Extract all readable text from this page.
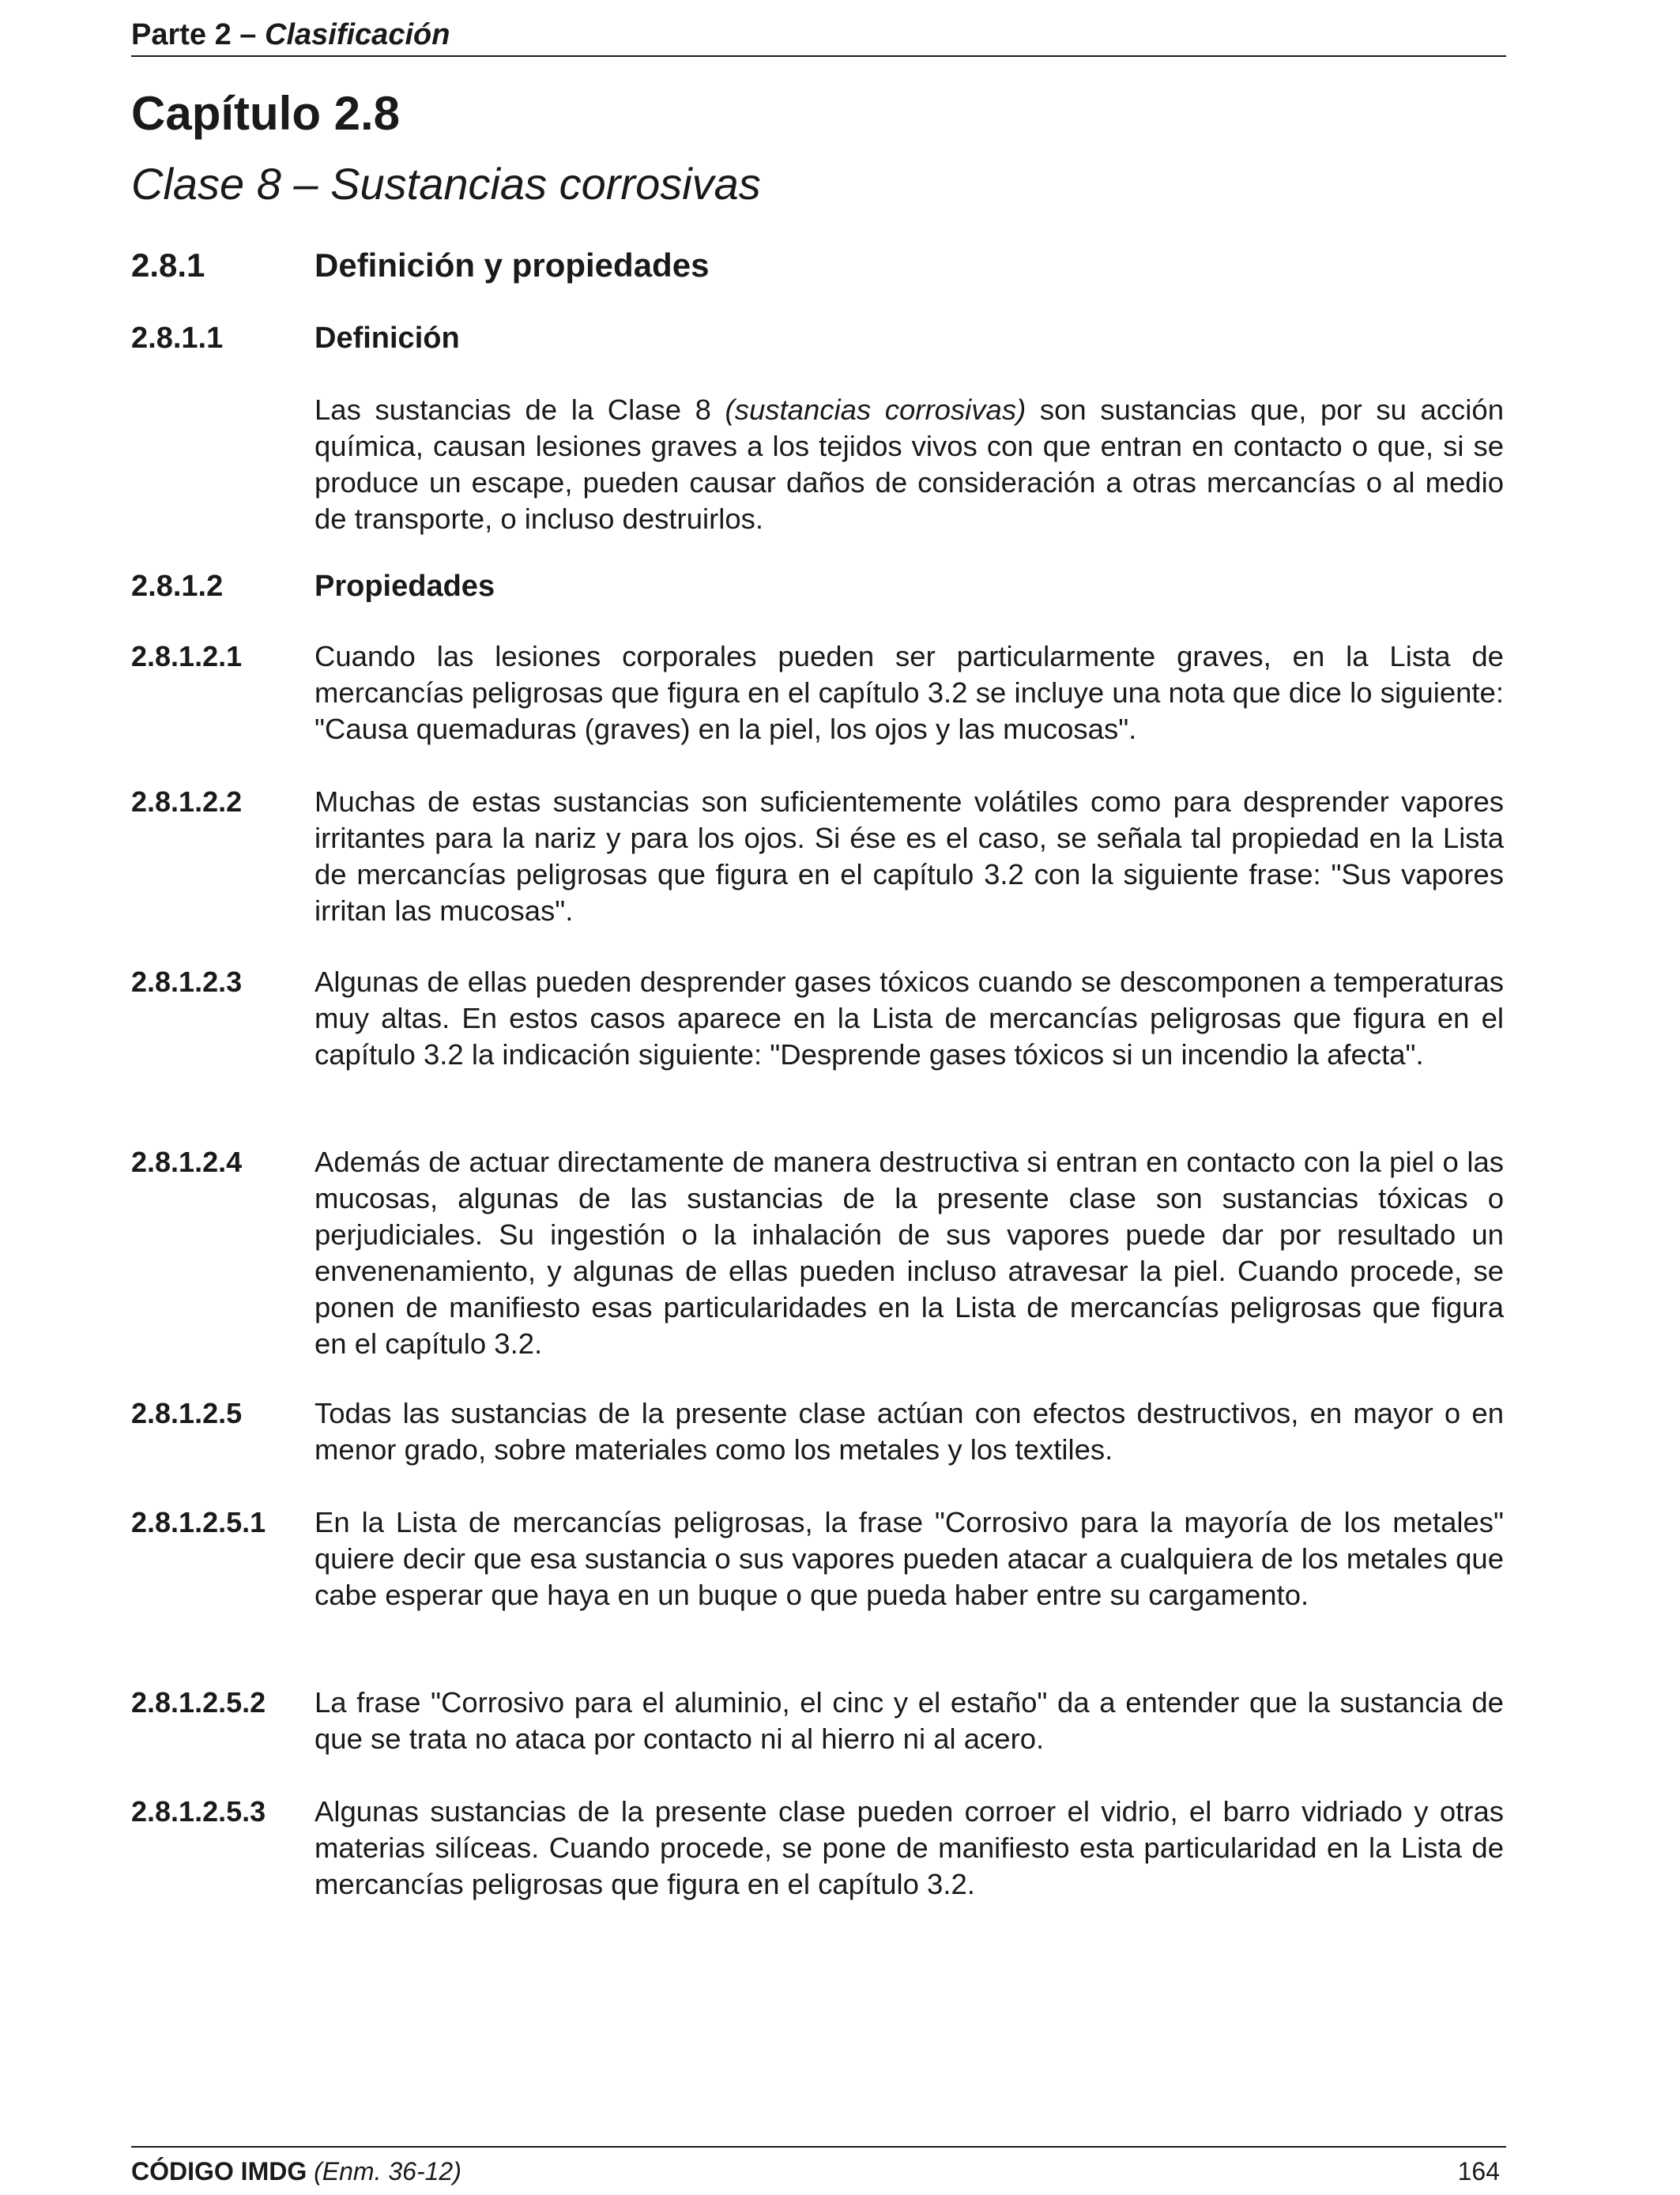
Parte 2 – Clasificación
Capítulo 2.8
Clase 8 – Sustancias corrosivas
2.8.1	Definición y propiedades
2.8.1.1	Definición
Las sustancias de la Clase 8 (sustancias corrosivas) son sustancias que, por su acción química, causan lesiones graves a los tejidos vivos con que entran en contacto o que, si se produce un escape, pueden causar daños de consideración a otras mercancías o al medio de transporte, o incluso destruirlos.
2.8.1.2	Propiedades
2.8.1.2.1	Cuando las lesiones corporales pueden ser particularmente graves, en la Lista de mercancías peligrosas que figura en el capítulo 3.2 se incluye una nota que dice lo siguiente: "Causa quemaduras (graves) en la piel, los ojos y las mucosas".
2.8.1.2.2	Muchas de estas sustancias son suficientemente volátiles como para desprender vapores irritantes para la nariz y para los ojos. Si ése es el caso, se señala tal propiedad en la Lista de mercancías peligrosas que figura en el capítulo 3.2 con la siguiente frase: "Sus vapores irritan las mucosas".
2.8.1.2.3	Algunas de ellas pueden desprender gases tóxicos cuando se descomponen a temperaturas muy altas. En estos casos aparece en la Lista de mercancías peligrosas que figura en el capítulo 3.2 la indicación siguiente: "Desprende gases tóxicos si un incendio la afecta".
2.8.1.2.4	Además de actuar directamente de manera destructiva si entran en contacto con la piel o las mucosas, algunas de las sustancias de la presente clase son sustancias tóxicas o perjudiciales. Su ingestión o la inhalación de sus vapores puede dar por resultado un envenenamiento, y algunas de ellas pueden incluso atravesar la piel. Cuando procede, se ponen de manifiesto esas particularidades en la Lista de mercancías peligrosas que figura en el capítulo 3.2.
2.8.1.2.5	Todas las sustancias de la presente clase actúan con efectos destructivos, en mayor o en menor grado, sobre materiales como los metales y los textiles.
2.8.1.2.5.1 En la Lista de mercancías peligrosas, la frase "Corrosivo para la mayoría de los metales" quiere decir que esa sustancia o sus vapores pueden atacar a cualquiera de los metales que cabe esperar que haya en un buque o que pueda haber entre su cargamento.
2.8.1.2.5.2 La frase "Corrosivo para el aluminio, el cinc y el estaño" da a entender que la sustancia de que se trata no ataca por contacto ni al hierro ni al acero.
2.8.1.2.5.3 Algunas sustancias de la presente clase pueden corroer el vidrio, el barro vidriado y otras materias silíceas. Cuando procede, se pone de manifiesto esta particularidad en la Lista de mercancías peligrosas que figura en el capítulo 3.2.
CÓDIGO IMDG (Enm. 36-12)	164
